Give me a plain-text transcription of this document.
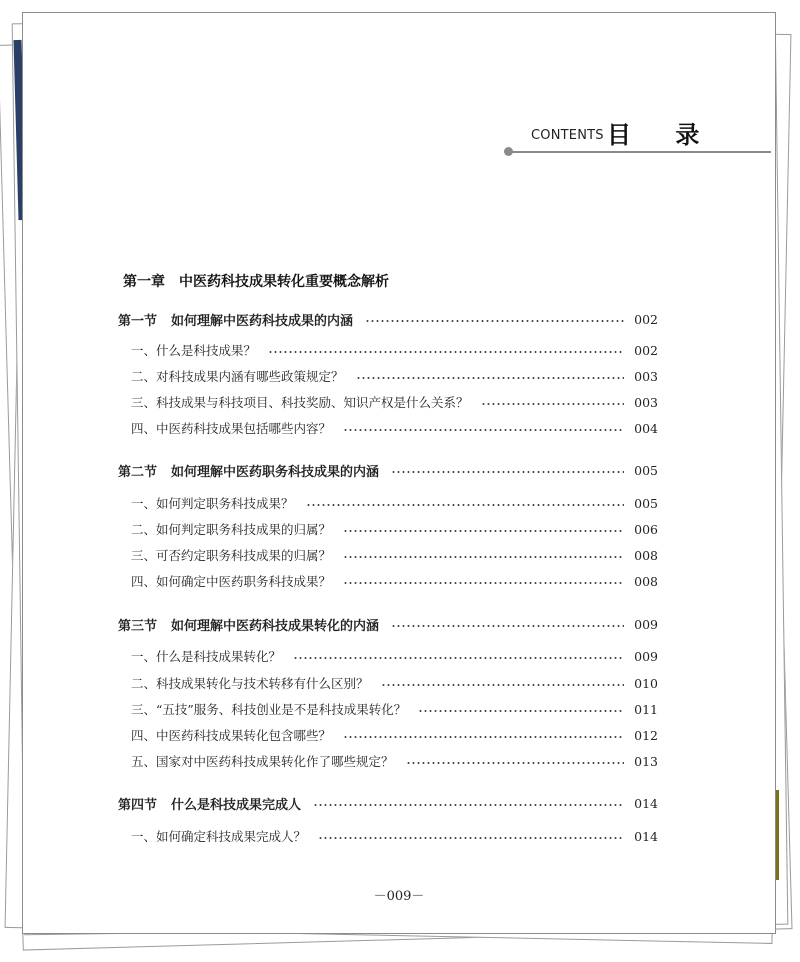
CONTENTS 目 录
第一章 中医药科技成果转化重要概念解析
第一节 如何理解中医药科技成果的内涵	002
一、什么是科技成果？	002
二、对科技成果内涵有哪些政策规定？	003
三、科技成果与科技项目、科技奖励、知识产权是什么关系？	003
四、中医药科技成果包括哪些内容？	004
第二节 如何理解中医药职务科技成果的内涵	005
一、如何判定职务科技成果？	005
二、如何判定职务科技成果的归属？	006
三、可否约定职务科技成果的归属？	008
四、如何确定中医药职务科技成果？	008
第三节 如何理解中医药科技成果转化的内涵	009
一、什么是科技成果转化？	009
二、科技成果转化与技术转移有什么区别？	010
三、“五技”服务、科技创业是不是科技成果转化？	011
四、中医药科技成果转化包含哪些？	012
五、国家对中医药科技成果转化作了哪些规定？	013
第四节 什么是科技成果完成人	014
一、如何确定科技成果完成人？	014
－009－
